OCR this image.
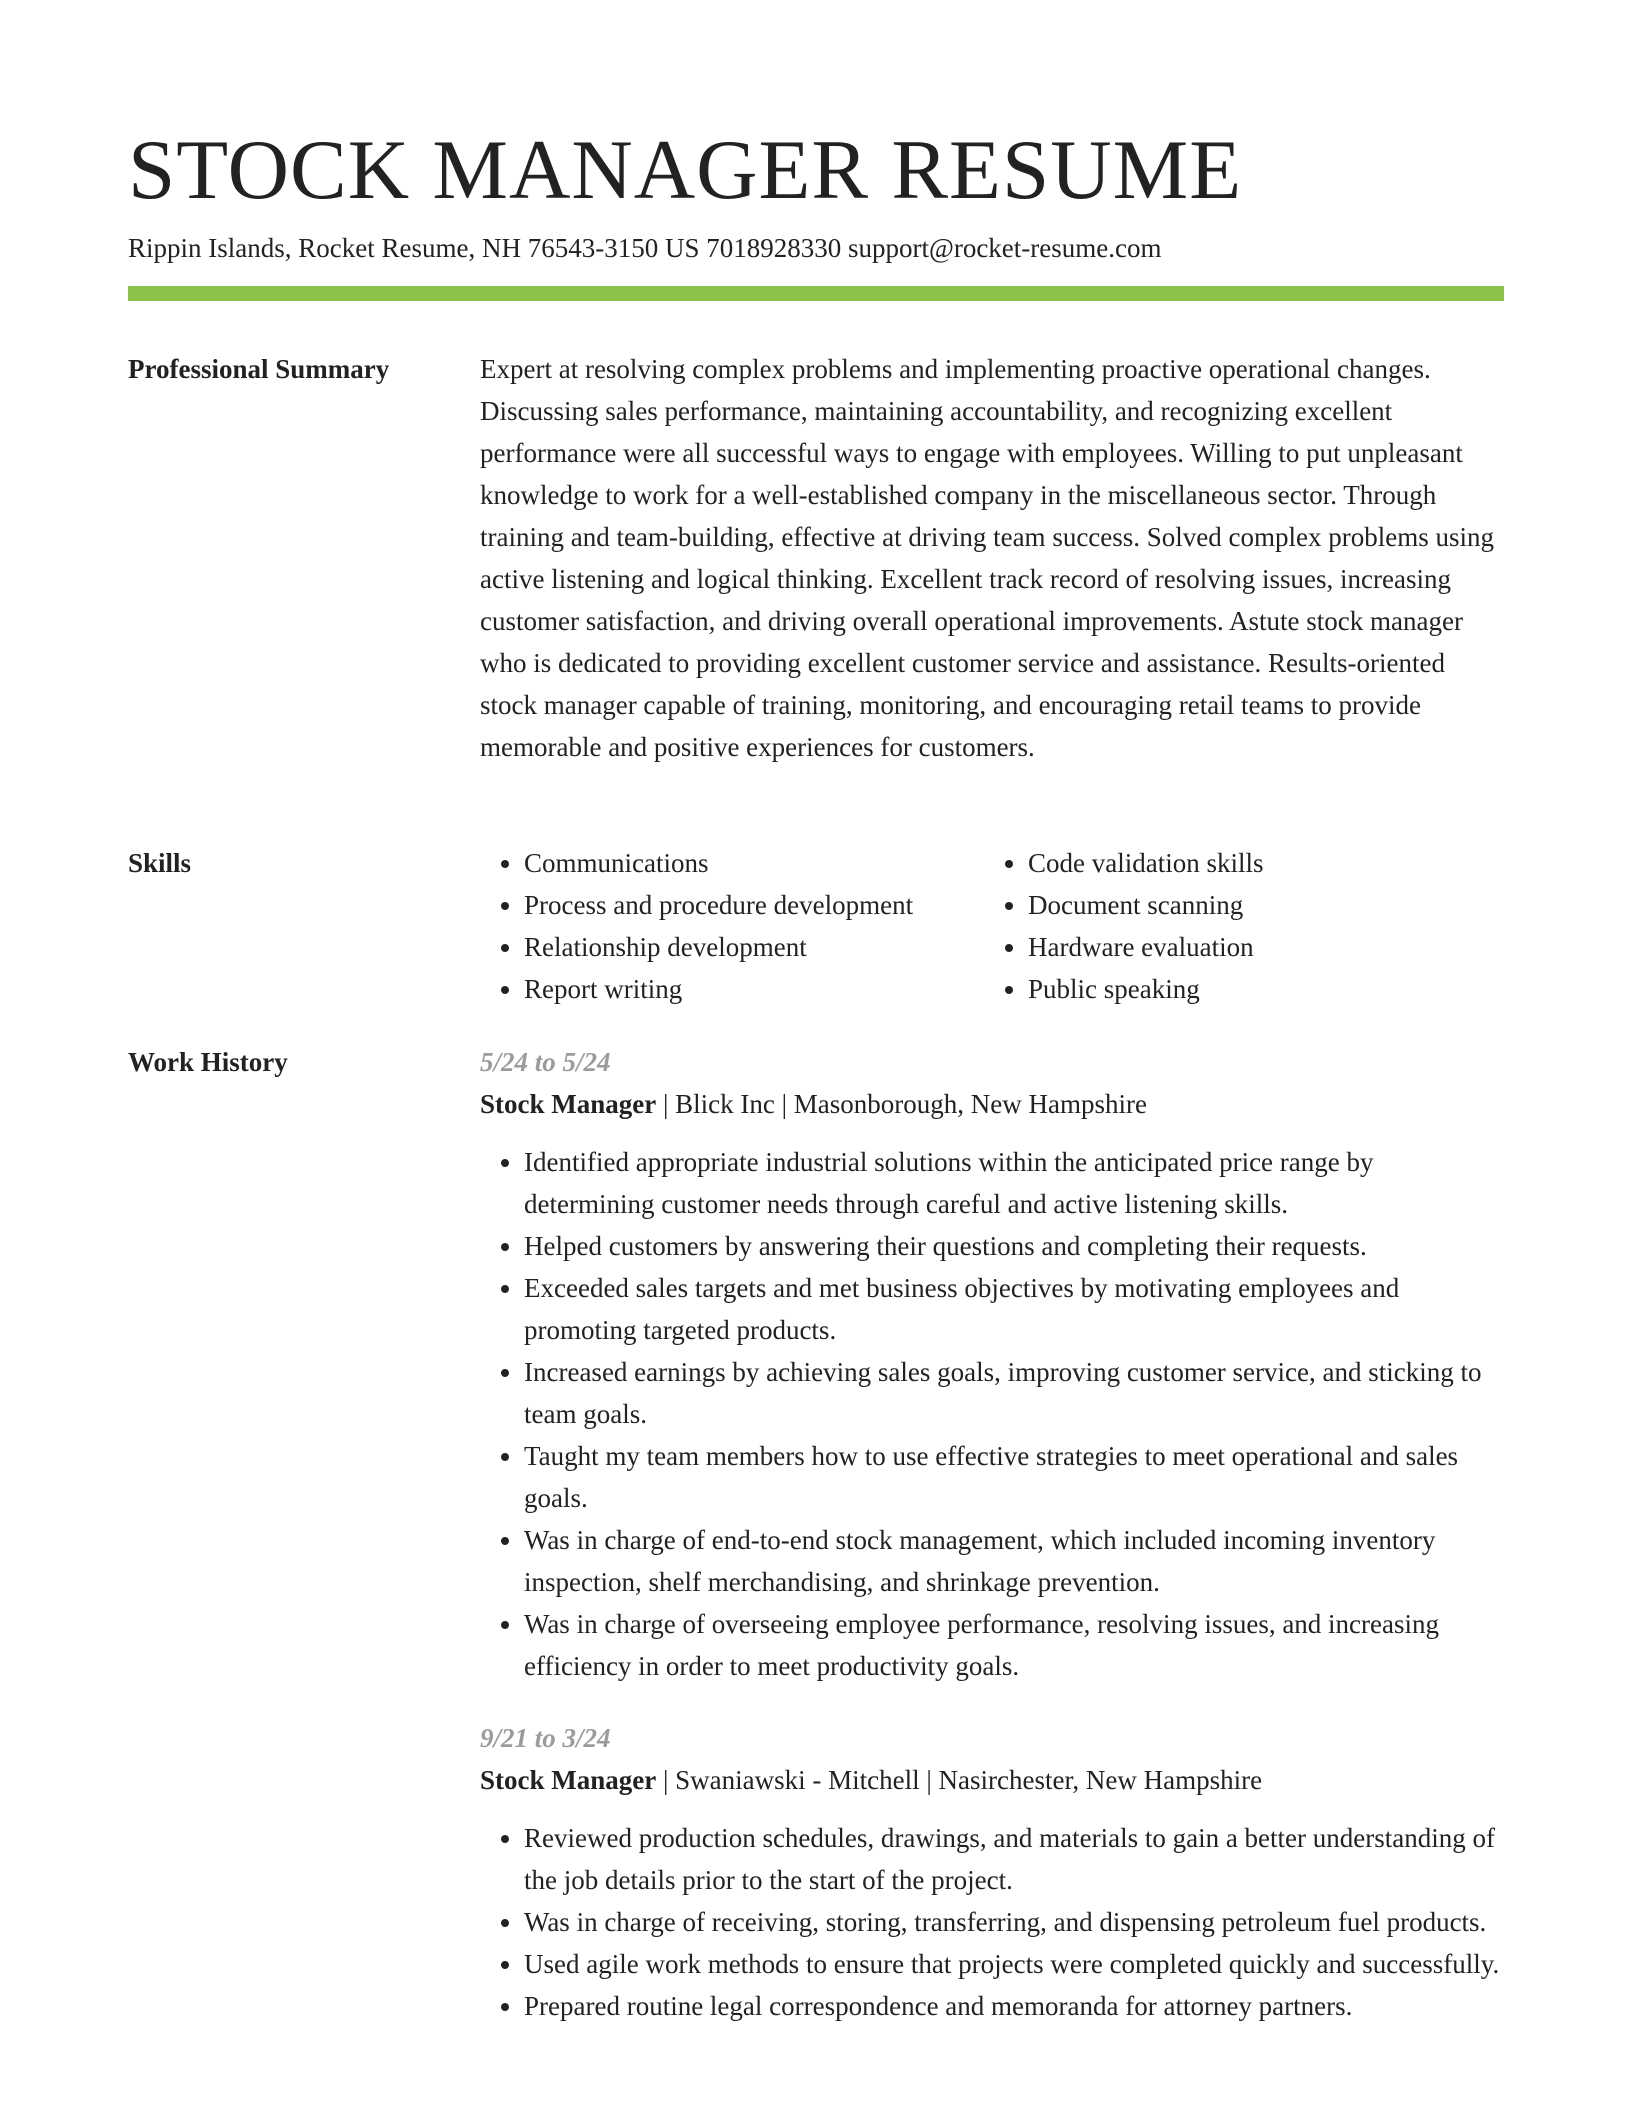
STOCK MANAGER RESUME
Rippin Islands, Rocket Resume, NH 76543-3150 US 7018928330 support@rocket-resume.com
Professional Summary	Expert at resolving complex problems and implementing proactive operational changes. Discussing sales performance, maintaining accountability, and recognizing excellent performance were all successful ways to engage with employees. Willing to put unpleasant knowledge to work for a well-established company in the miscellaneous sector. Through training and team-building, effective at driving team success. Solved complex problems using active listening and logical thinking. Excellent track record of resolving issues, increasing customer satisfaction, and driving overall operational improvements. Astute stock manager who is dedicated to providing excellent customer service and assistance. Results-oriented stock manager capable of training, monitoring, and encouraging retail teams to provide memorable and positive experiences for customers.

Skills
•	Communications
• Process and procedure development
• Relationship development
• Report writing
• Code validation skills
• Document scanning
• Hardware evaluation
• Public speaking
Work History	5/24 to 5/24
Stock Manager | Blick Inc | Masonborough, New Hampshire
• Identified appropriate industrial solutions within the anticipated price range by determining customer needs through careful and active listening skills.
• Helped customers by answering their questions and completing their requests.
• Exceeded sales targets and met business objectives by motivating employees and promoting targeted products.
• Increased earnings by achieving sales goals, improving customer service, and sticking to team goals.
• Taught my team members how to use effective strategies to meet operational and sales goals.
• Was in charge of end-to-end stock management, which included incoming inventory inspection, shelf merchandising, and shrinkage prevention.
• Was in charge of overseeing employee performance, resolving issues, and increasing efficiency in order to meet productivity goals.
9/21 to 3/24
Stock Manager | Swaniawski - Mitchell | Nasirchester, New Hampshire
• Reviewed production schedules, drawings, and materials to gain a better understanding of the job details prior to the start of the project.
• Was in charge of receiving, storing, transferring, and dispensing petroleum fuel products.
• Used agile work methods to ensure that projects were completed quickly and successfully.
• Prepared routine legal correspondence and memoranda for attorney partners.
